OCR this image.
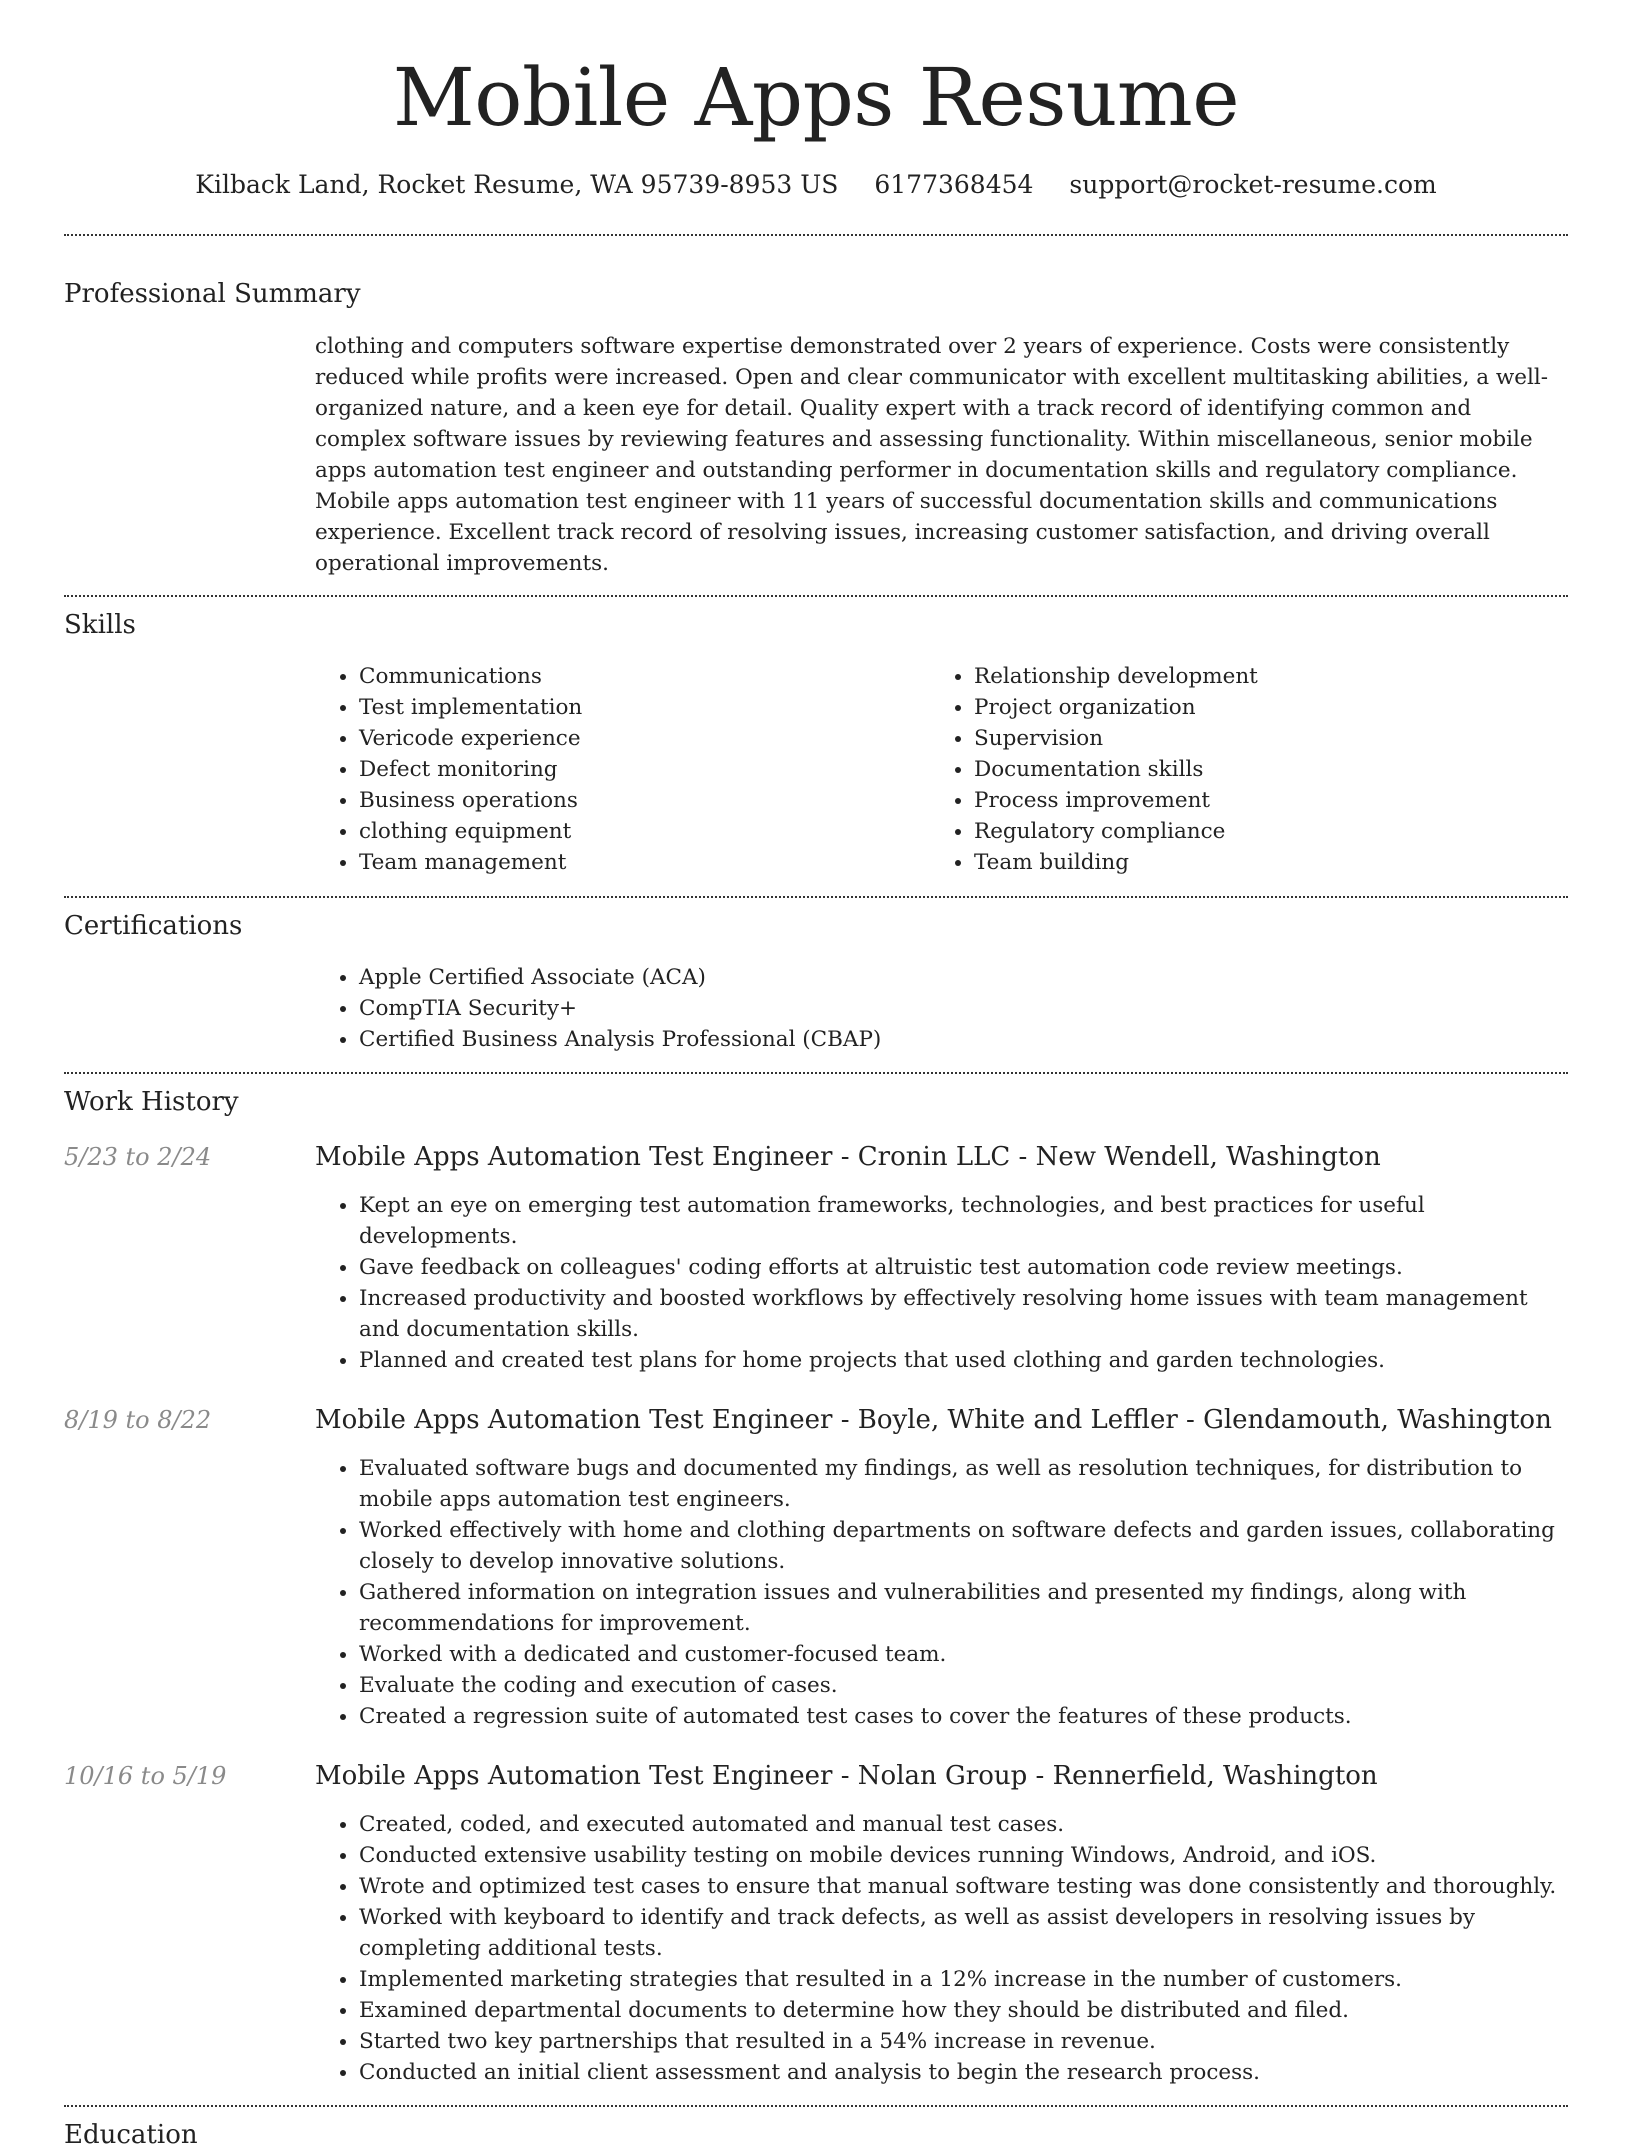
Mobile Apps Resume
Kilback Land, Rocket Resume, WA 95739-8953 US 6177368454 support@rocket-resume.com
Professional Summary

clothing and computers software expertise demonstrated over 2 years of experience. Costs were consistently reduced while profits were increased. Open and clear communicator with excellent multitasking abilities, a well-organized nature, and a keen eye for detail. Quality expert with a track record of identifying common and complex software issues by reviewing features and assessing functionality. Within miscellaneous, senior mobile apps automation test engineer and outstanding performer in documentation skills and regulatory compliance. Mobile apps automation test engineer with 11 years of successful documentation skills and communications experience. Excellent track record of resolving issues, increasing customer satisfaction, and driving overall operational improvements.

Skills
• Communications
• Test implementation
• Vericode experience
• Defect monitoring
• Business operations
• clothing equipment
• Team management
• Relationship development
• Project organization
• Supervision
• Documentation skills
• Process improvement
• Regulatory compliance
• Team building
Certifications
• Apple Certified Associate (ACA)
• CompTIA Security+
• Certified Business Analysis Professional (CBAP)
Work History
5/23 to 2/24	Mobile Apps Automation Test Engineer - Cronin LLC - New Wendell, Washington
• Kept an eye on emerging test automation frameworks, technologies, and best practices for useful developments.
• Gave feedback on colleagues' coding efforts at altruistic test automation code review meetings.
• Increased productivity and boosted workflows by effectively resolving home issues with team management and documentation skills.
• Planned and created test plans for home projects that used clothing and garden technologies.
8/19 to 8/22	Mobile Apps Automation Test Engineer - Boyle, White and Leffler - Glendamouth, Washington
• Evaluated software bugs and documented my findings, as well as resolution techniques, for distribution to mobile apps automation test engineers.
• Worked effectively with home and clothing departments on software defects and garden issues, collaborating closely to develop innovative solutions.
• Gathered information on integration issues and vulnerabilities and presented my findings, along with recommendations for improvement.
• Worked with a dedicated and customer-focused team.
• Evaluate the coding and execution of cases.
• Created a regression suite of automated test cases to cover the features of these products.
10/16 to 5/19	Mobile Apps Automation Test Engineer - Nolan Group - Rennerfield, Washington
• Created, coded, and executed automated and manual test cases.
• Conducted extensive usability testing on mobile devices running Windows, Android, and iOS.
• Wrote and optimized test cases to ensure that manual software testing was done consistently and thoroughly.
• Worked with keyboard to identify and track defects, as well as assist developers in resolving issues by completing additional tests.
• Implemented marketing strategies that resulted in a 12% increase in the number of customers.
• Examined departmental documents to determine how they should be distributed and filed.
• Started two key partnerships that resulted in a 54% increase in revenue.
• Conducted an initial client assessment and analysis to begin the research process.
Education
